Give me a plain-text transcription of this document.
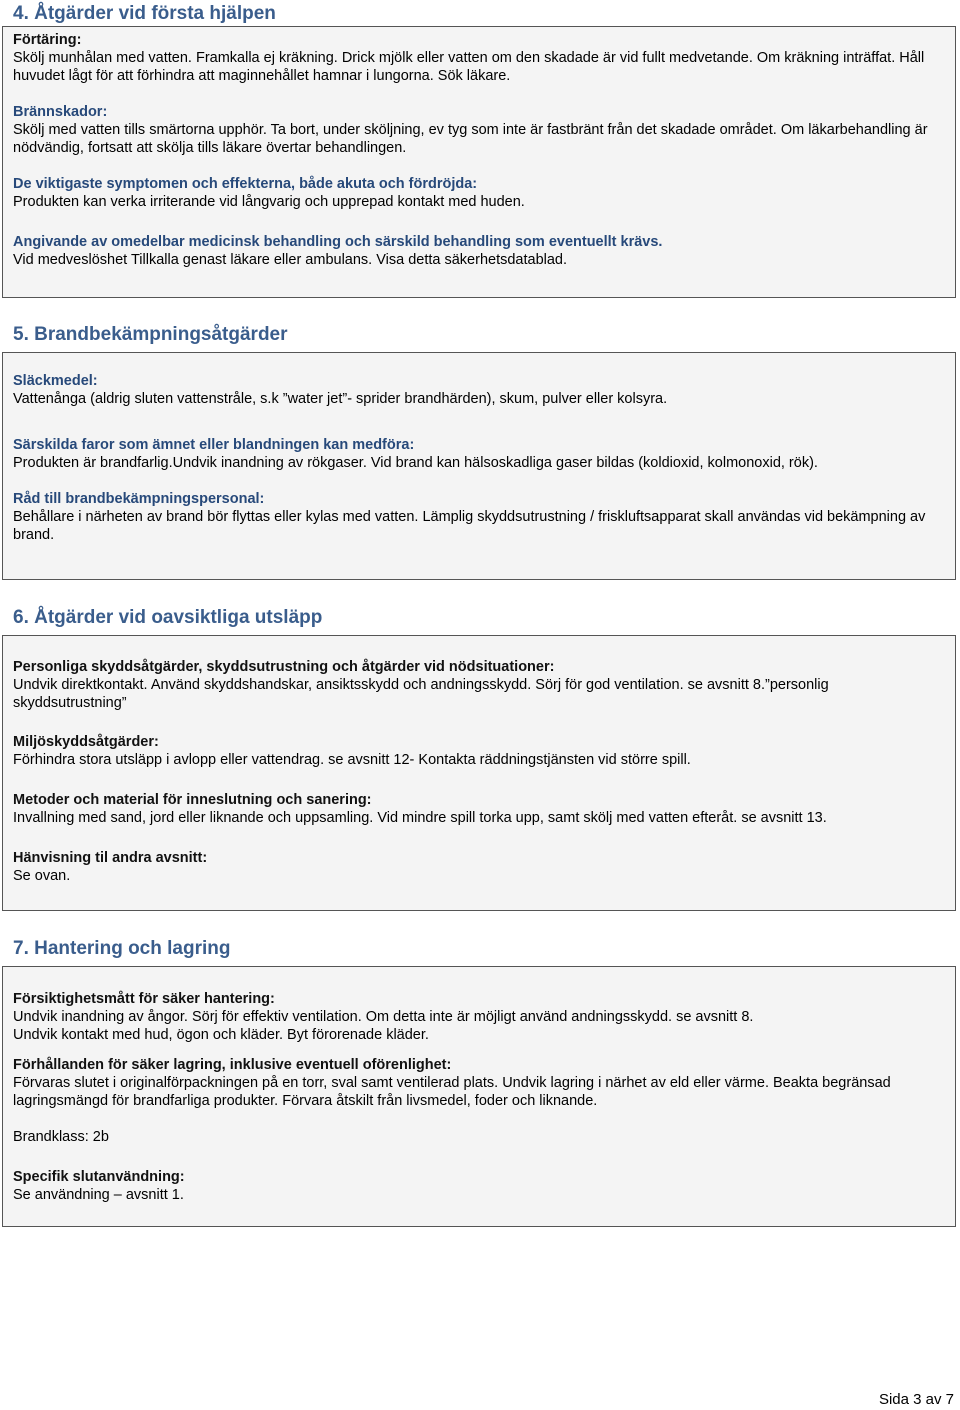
4. Åtgärder vid första hjälpen
Förtäring:
Skölj munhålan med vatten. Framkalla ej kräkning. Drick mjölk eller vatten om den skadade är vid fullt medvetande. Om kräkning inträffat. Håll huvudet lågt för att förhindra att maginnehållet hamnar i lungorna. Sök läkare.
Brännskador:
Skölj med vatten tills smärtorna upphör. Ta bort, under sköljning, ev tyg som inte är fastbränt från det skadade området. Om läkarbehandling är nödvändig, fortsatt att skölja tills läkare övertar behandlingen.
De viktigaste symptomen och effekterna, både akuta och fördröjda:
Produkten kan verka irriterande vid långvarig och upprepad kontakt med huden.
Angivande av omedelbar medicinsk behandling och särskild behandling som eventuellt krävs.
Vid medveslöshet Tillkalla genast läkare eller ambulans. Visa detta säkerhetsdatablad.
5. Brandbekämpningsåtgärder
Släckmedel:
Vattenånga (aldrig sluten vattenstråle, s.k ”water jet”- sprider brandhärden), skum, pulver eller kolsyra.
Särskilda faror som ämnet eller blandningen kan medföra:
Produkten är brandfarlig.Undvik inandning av rökgaser. Vid brand kan hälsoskadliga gaser bildas (koldioxid, kolmonoxid, rök).
Råd till brandbekämpningspersonal:
Behållare i närheten av brand bör flyttas eller kylas med vatten. Lämplig skyddsutrustning / friskluftsapparat skall användas vid bekämpning av brand.
6. Åtgärder vid oavsiktliga utsläpp
Personliga skyddsåtgärder, skyddsutrustning och åtgärder vid nödsituationer:
Undvik direktkontakt. Använd skyddshandskar, ansiktsskydd och andningsskydd. Sörj för god ventilation. se avsnitt 8.”personlig skyddsutrustning”
Miljöskyddsåtgärder:
Förhindra stora utsläpp i avlopp eller vattendrag. se avsnitt 12- Kontakta räddningstjänsten vid större spill.
Metoder och material för inneslutning och sanering:
Invallning med sand, jord eller liknande och uppsamling. Vid mindre spill torka upp, samt skölj med vatten efteråt. se avsnitt 13.
Hänvisning til andra avsnitt:
Se ovan.
7. Hantering och lagring
Försiktighetsmått för säker hantering:
Undvik inandning av ångor. Sörj för effektiv ventilation. Om detta inte är möjligt använd andningsskydd. se avsnitt 8.
Undvik kontakt med hud, ögon och kläder. Byt förorenade kläder.
Förhållanden för säker lagring, inklusive eventuell oförenlighet:
Förvaras slutet i originalförpackningen på en torr, sval samt ventilerad plats. Undvik lagring i närhet av eld eller värme. Beakta begränsad lagringsmängd för brandfarliga produkter. Förvara åtskilt från livsmedel, foder och liknande.
Brandklass: 2b
Specifik slutanvändning:
Se användning – avsnitt 1.
Sida 3 av 7
